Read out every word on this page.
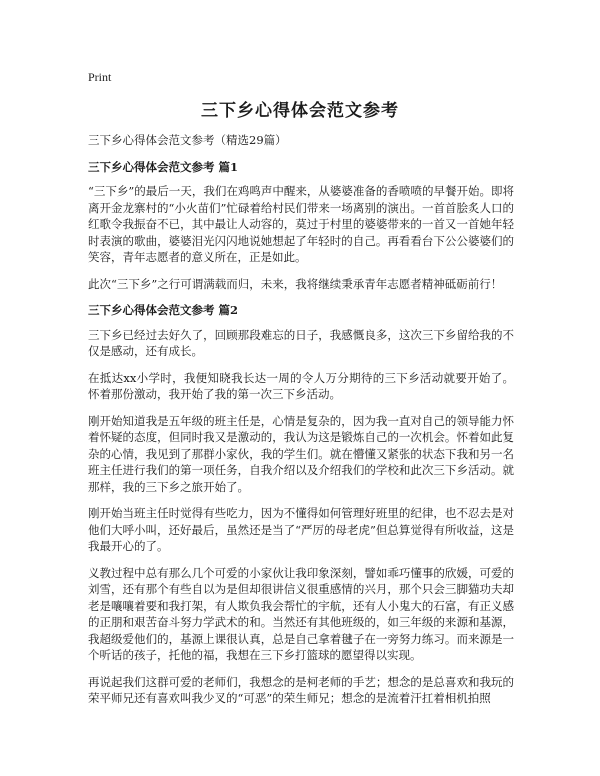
Print
三下乡心得体会范文参考

三下乡心得体会范文参考（精选29篇）

三下乡心得体会范文参考 篇1

“三下乡”的最后一天，我们在鸡鸣声中醒来，从婆婆准备的香喷喷的早餐开始。即将离开金龙寨村的“小火苗们”忙碌着给村民们带来一场离别的演出。一首首脍炙人口的红歌令我振奋不已，其中最让人动容的，莫过于村里的婆婆带来的一首又一首她年轻时表演的歌曲，婆婆泪光闪闪地说她想起了年轻时的自己。再看看台下公公婆婆们的笑容，青年志愿者的意义所在，正是如此。

此次“三下乡”之行可谓满载而归，未来，我将继续秉承青年志愿者精神砥砺前行！

三下乡心得体会范文参考 篇2

三下乡已经过去好久了，回顾那段难忘的日子，我感慨良多，这次三下乡留给我的不仅是感动，还有成长。

在抵达xx小学时，我便知晓我长达一周的令人万分期待的三下乡活动就要开始了。怀着那份激动，我开始了我的第一次三下乡活动。

刚开始知道我是五年级的班主任是，心情是复杂的，因为我一直对自己的领导能力怀着怀疑的态度，但同时我又是激动的，我认为这是锻炼自己的一次机会。怀着如此复杂的心情，我见到了那群小家伙，我的学生们。就在懵懂又紧张的状态下我和另一名班主任进行我们的第一项任务，自我介绍以及介绍我们的学校和此次三下乡活动。就那样，我的三下乡之旅开始了。

刚开始当班主任时觉得有些吃力，因为不懂得如何管理好班里的纪律，也不忍去是对他们大呼小叫，还好最后，虽然还是当了“严厉的母老虎”但总算觉得有所收益，这是我最开心的了。

义教过程中总有那么几个可爱的小家伙让我印象深刻，譬如乖巧懂事的欣媛，可爱的刘雪，还有那个有些自以为是但却很讲信义很重感情的兴月，那个只会三脚猫功夫却老是嚷嚷着要和我打架，有人欺负我会帮忙的宇航，还有人小鬼大的石富，有正义感的正朋和艰苦奋斗努力学武术的和。当然还有其他班级的，如三年级的来源和基源，我超级爱他们的，基源上课很认真，总是自己拿着毽子在一旁努力练习。而来源是一个听话的孩子，托他的福，我想在三下乡打篮球的愿望得以实现。

再说起我们这群可爱的老师们，我想念的是柯老师的手艺；想念的是总喜欢和我玩的荣平师兄还有喜欢叫我少叉的“可恶”的荣生师兄；想念的是流着汗扛着相机拍照
